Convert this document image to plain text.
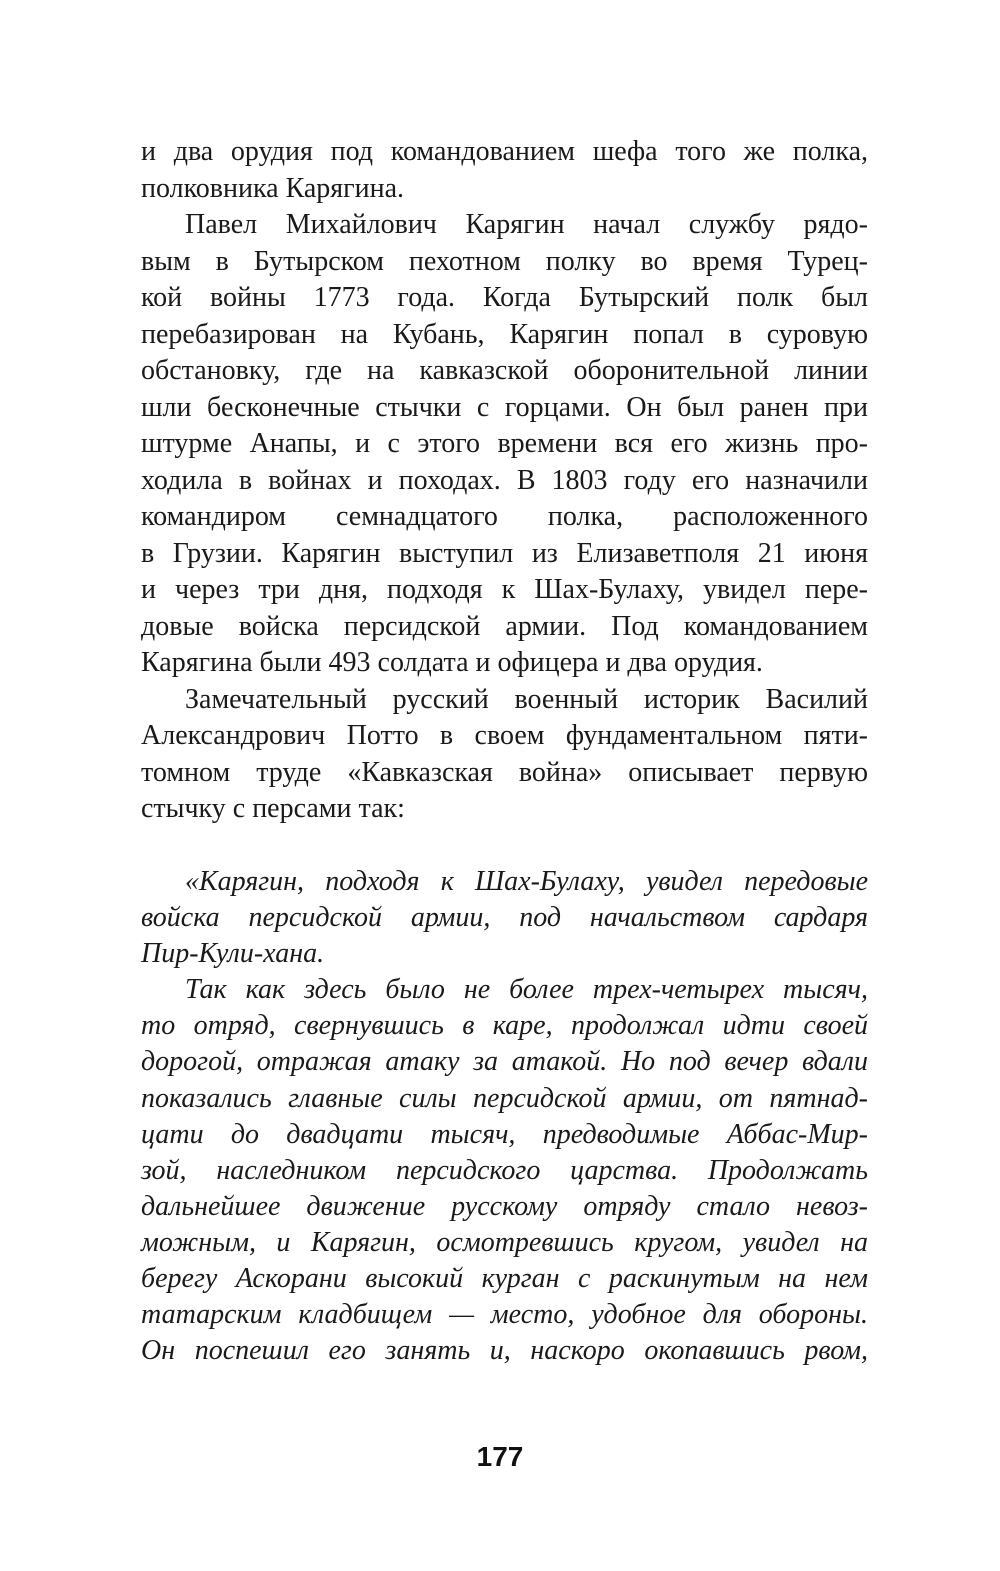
и два орудия под командованием шефа того же полка,
полковника Карягина.
Павел Михайлович Карягин начал службу рядо-
вым в Бутырском пехотном полку во время Турец-
кой войны 1773 года. Когда Бутырский полк был
перебазирован на Кубань, Карягин попал в суровую
обстановку, где на кавказской оборонительной линии
шли бесконечные стычки с горцами. Он был ранен при
штурме Анапы, и с этого времени вся его жизнь про-
ходила в войнах и походах. В 1803 году его назначили
командиром семнадцатого полка, расположенного
в Грузии. Карягин выступил из Елизаветполя 21 июня
и через три дня, подходя к Шах-Булаху, увидел пере-
довые войска персидской армии. Под командованием
Карягина были 493 солдата и офицера и два орудия.
Замечательный русский военный историк Василий
Александрович Потто в своем фундаментальном пяти-
томном труде «Кавказская война» описывает первую
стычку с персами так:
«Карягин, подходя к Шах-Булаху, увидел передовые
войска персидской армии, под начальством сардаря
Пир-Кули-хана.
Так как здесь было не более трех-четырех тысяч,
то отряд, свернувшись в каре, продолжал идти своей
дорогой, отражая атаку за атакой. Но под вечер вдали
показались главные силы персидской армии, от пятнад-
цати до двадцати тысяч, предводимые Аббас-Мир-
зой, наследником персидского царства. Продолжать
дальнейшее движение русскому отряду стало невоз-
можным, и Карягин, осмотревшись кругом, увидел на
берегу Аскорани высокий курган с раскинутым на нем
татарским кладбищем — место, удобное для обороны.
Он поспешил его занять и, наскоро окопавшись рвом,
177
